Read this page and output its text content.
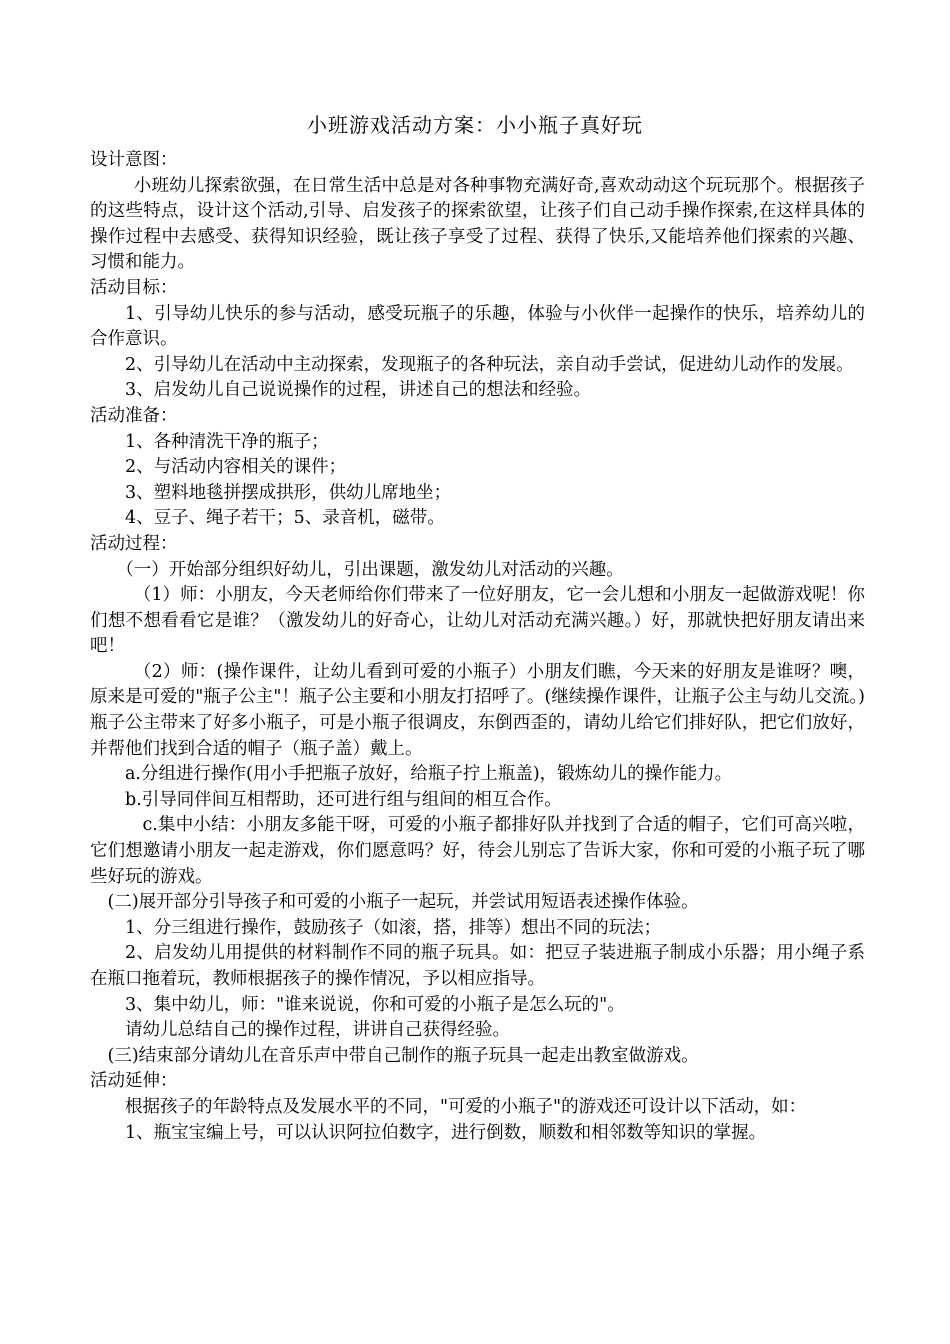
小班游戏活动方案：小小瓶子真好玩

设计意图：

小班幼儿探索欲强，在日常生活中总是对各种事物充满好奇,喜欢动动这个玩玩那个。根据孩子的这些特点，设计这个活动,引导、启发孩子的探索欲望，让孩子们自己动手操作探索,在这样具体的操作过程中去感受、获得知识经验，既让孩子享受了过程、获得了快乐,又能培养他们探索的兴趣、习惯和能力。

活动目标：

1、引导幼儿快乐的参与活动，感受玩瓶子的乐趣，体验与小伙伴一起操作的快乐，培养幼儿的合作意识。

2、引导幼儿在活动中主动探索，发现瓶子的各种玩法，亲自动手尝试，促进幼儿动作的发展。

3、启发幼儿自己说说操作的过程，讲述自己的想法和经验。

活动准备：

1、各种清洗干净的瓶子；

2、与活动内容相关的课件；

3、塑料地毯拼摆成拱形，供幼儿席地坐；

4、豆子、绳子若干；5、录音机，磁带。

活动过程：

（一）开始部分组织好幼儿，引出课题，激发幼儿对活动的兴趣。

（1）师：小朋友，今天老师给你们带来了一位好朋友，它一会儿想和小朋友一起做游戏呢！你们想不想看看它是谁？（激发幼儿的好奇心，让幼儿对活动充满兴趣。）好，那就快把好朋友请出来吧！

（2）师：(操作课件，让幼儿看到可爱的小瓶子）小朋友们瞧，今天来的好朋友是谁呀？噢，原来是可爱的"瓶子公主"！瓶子公主要和小朋友打招呼了。(继续操作课件，让瓶子公主与幼儿交流。)瓶子公主带来了好多小瓶子，可是小瓶子很调皮，东倒西歪的，请幼儿给它们排好队，把它们放好，并帮他们找到合适的帽子（瓶子盖）戴上。

a.分组进行操作(用小手把瓶子放好，给瓶子拧上瓶盖)，锻炼幼儿的操作能力。

b.引导同伴间互相帮助，还可进行组与组间的相互合作。

c.集中小结：小朋友多能干呀，可爱的小瓶子都排好队并找到了合适的帽子，它们可高兴啦，它们想邀请小朋友一起走游戏，你们愿意吗？好，待会儿别忘了告诉大家，你和可爱的小瓶子玩了哪些好玩的游戏。

(二)展开部分引导孩子和可爱的小瓶子一起玩，并尝试用短语表述操作体验。

1、分三组进行操作，鼓励孩子（如滚，搭，排等）想出不同的玩法；

2、启发幼儿用提供的材料制作不同的瓶子玩具。如：把豆子装进瓶子制成小乐器；用小绳子系在瓶口拖着玩，教师根据孩子的操作情况，予以相应指导。

3、集中幼儿，师："谁来说说，你和可爱的小瓶子是怎么玩的"。

请幼儿总结自己的操作过程，讲讲自己获得经验。

(三)结束部分请幼儿在音乐声中带自己制作的瓶子玩具一起走出教室做游戏。

活动延伸：

根据孩子的年龄特点及发展水平的不同，"可爱的小瓶子"的游戏还可设计以下活动，如：

1、瓶宝宝编上号，可以认识阿拉伯数字，进行倒数，顺数和相邻数等知识的掌握。
